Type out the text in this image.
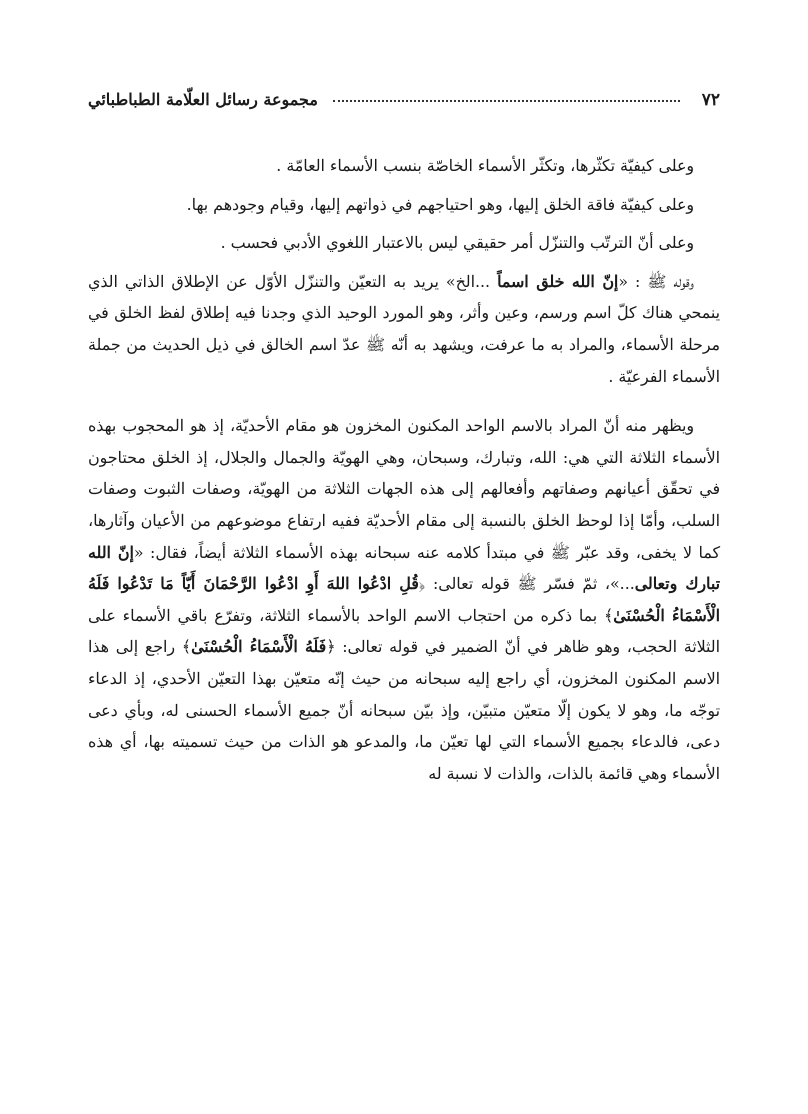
٧٢
مجموعة رسائل العلّامة الطباطبائي

وعلى كيفيّة تكثّرها، وتكثّر الأسماء الخاصّة بنسب الأسماء العامّة .

وعلى كيفيّة فاقة الخلق إليها، وهو احتياجهم في ذواتهم إليها، وقيام وجودهم بها.

وعلى أنّ الترتّب والتنزّل أمر حقيقي ليس بالاعتبار اللغوي الأدبي فحسب .

وقوله ﷺ : «إنّ الله خلق اسماً ...الخ» يريد به التعيّن والتنزّل الأوّل عن الإطلاق الذاتي الذي ينمحي هناك كلّ اسم ورسم، وعين وأثر، وهو المورد الوحيد الذي وجدنا فيه إطلاق لفظ الخلق في مرحلة الأسماء، والمراد به ما عرفت، ويشهد به أنّه ﷺ عدّ اسم الخالق في ذيل الحديث من جملة الأسماء الفرعيّة .

ويظهر منه أنّ المراد بالاسم الواحد المكنون المخزون هو مقام الأحديّة، إذ هو المحجوب بهذه الأسماء الثلاثة التي هي: الله، وتبارك، وسبحان، وهي الهويّة والجمال والجلال، إذ الخلق محتاجون في تحقّق أعيانهم وصفاتهم وأفعالهم إلى هذه الجهات الثلاثة من الهويّة، وصفات الثبوت وصفات السلب، وأمّا إذا لوحظ الخلق بالنسبة إلى مقام الأحديّة ففيه ارتفاع موضوعهم من الأعيان وآثارها، كما لا يخفى، وقد عبّر ﷺ في مبتدأ كلامه عنه سبحانه بهذه الأسماء الثلاثة أيضاً، فقال: «إنّ الله تبارك وتعالى...»، ثمّ فسّر ﷺ قوله تعالى: ﴿قُلِ ادْعُوا اللهَ أَوِ ادْعُوا الرَّحْمَانَ أَيّاً مَا تَدْعُوا فَلَهُ الْأَسْمَاءُ الْحُسْنَىٰ﴾ بما ذكره من احتجاب الاسم الواحد بالأسماء الثلاثة، وتفرّع باقي الأسماء على الثلاثة الحجب، وهو ظاهر في أنّ الضمير في قوله تعالى: ﴿فَلَهُ الْأَسْمَاءُ الْحُسْنَىٰ﴾ راجع إلى هذا الاسم المكنون المخزون، أي راجع إليه سبحانه من حيث إنّه متعيّن بهذا التعيّن الأحدي، إذ الدعاء توجّه ما، وهو لا يكون إلّا متعيّن متبيّن، وإذ بيّن سبحانه أنّ جميع الأسماء الحسنى له، وبأي دعى دعى، فالدعاء بجميع الأسماء التي لها تعيّن ما، والمدعو هو الذات من حيث تسميته بها، أي هذه الأسماء وهي قائمة بالذات، والذات لا نسبة له
